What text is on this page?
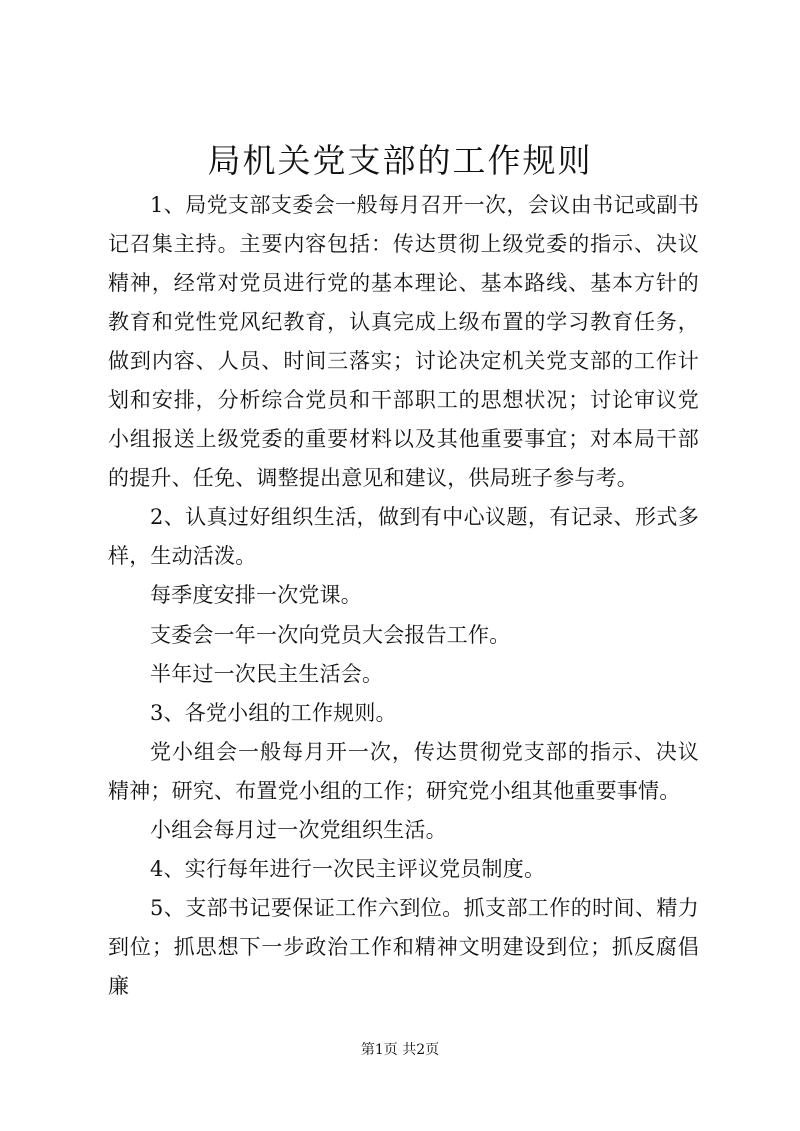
局机关党支部的工作规则

1、局党支部支委会一般每月召开一次，会议由书记或副书记召集主持。主要内容包括：传达贯彻上级党委的指示、决议精神，经常对党员进行党的基本理论、基本路线、基本方针的教育和党性党风纪教育，认真完成上级布置的学习教育任务，做到内容、人员、时间三落实；讨论决定机关党支部的工作计划和安排，分析综合党员和干部职工的思想状况；讨论审议党小组报送上级党委的重要材料以及其他重要事宜；对本局干部的提升、任免、调整提出意见和建议，供局班子参与考。

2、认真过好组织生活，做到有中心议题，有记录、形式多样，生动活泼。

每季度安排一次党课。

支委会一年一次向党员大会报告工作。

半年过一次民主生活会。

3、各党小组的工作规则。

党小组会一般每月开一次，传达贯彻党支部的指示、决议精神；研究、布置党小组的工作；研究党小组其他重要事情。

小组会每月过一次党组织生活。

4、实行每年进行一次民主评议党员制度。

5、支部书记要保证工作六到位。抓支部工作的时间、精力到位；抓思想下一步政治工作和精神文明建设到位；抓反腐倡廉

第1页 共2页
